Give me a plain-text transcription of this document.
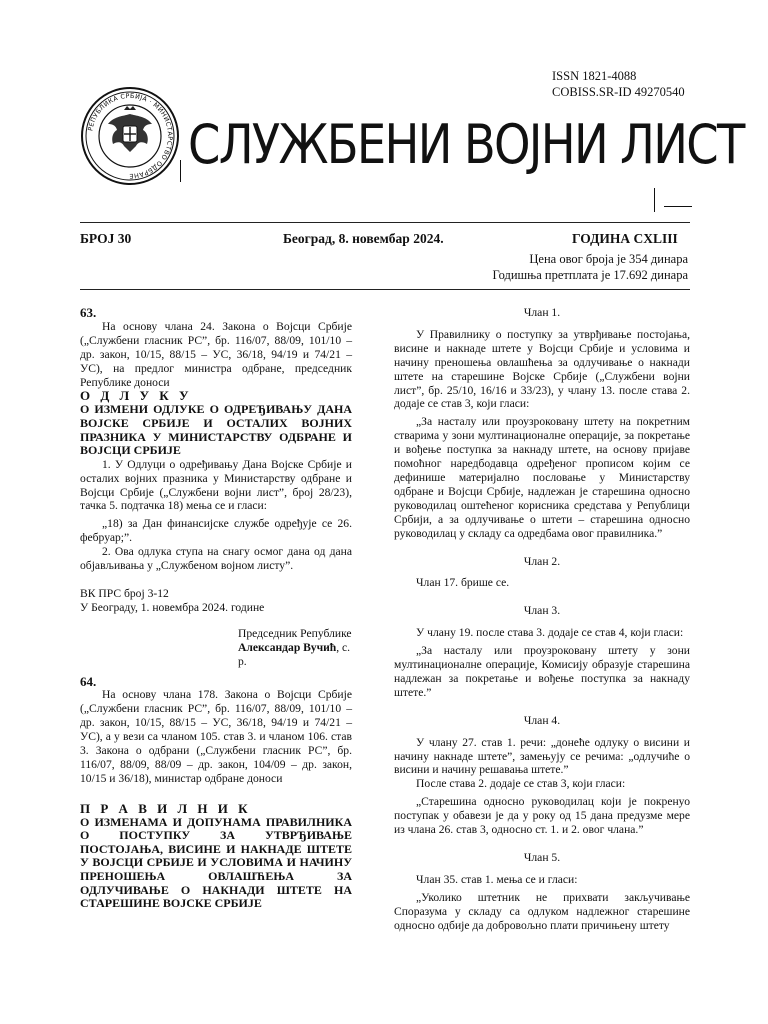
РЕПУБЛИКА СРБИЈА · МИНИСТАРСТВО ОДБРАНЕ
ISSN 1821-4088
COBISS.SR-ID 49270540
СЛУЖБЕНИ ВОЈНИ ЛИСТ
БРОЈ 30	Београд, 8. новембар 2024.	ГОДИНА CXLIII
Цена овог броја је 354 динара
Годишња претплата је 17.692 динара

63.

На основу члана 24. Закона о Војсци Србије („Службени гласник РС”, бр. 116/07, 88/09, 101/10 – др. закон, 10/15, 88/15 – УС, 36/18, 94/19 и 74/21 – УС), на предлог министра одбране, председник Републике доноси

О Д Л У К У

О ИЗМЕНИ ОДЛУКЕ О ОДРЕЂИВАЊУ ДАНА ВОЈСКЕ СРБИЈЕ И ОСТАЛИХ ВОЈНИХ ПРАЗНИКА У МИНИСТАРСТВУ ОДБРАНЕ И ВОЈСЦИ СРБИЈЕ

1. У Одлуци о одређивању Дана Војске Србије и осталих војних празника у Министарству одбране и Војсци Србије („Службени војни лист”, број 28/23), тачка 5. подтачка 18) мења се и гласи:

„18) за Дан финансијске службе одређује се 26. фебруар;”.

2. Ова одлука ступа на снагу осмог дана од дана објављивања у „Службеном војном листу”.

ВК ПРС број 3-12

У Београду, 1. новембра 2024. године

Председник Републике

Александар Вучић, с. р.

64.

На основу члана 178. Закона о Војсци Србије („Службени гласник РС”, бр. 116/07, 88/09, 101/10 – др. закон, 10/15, 88/15 – УС, 36/18, 94/19 и 74/21 – УС), а у вези са чланом 105. став 3. и чланом 106. став 3. Закона о одбрани („Службени гласник РС”, бр. 116/07, 88/09, 88/09 – др. закон, 104/09 – др. закон, 10/15 и 36/18), министар одбране доноси

П Р А В И Л Н И К

О ИЗМЕНАМА И ДОПУНАМА ПРАВИЛНИКА О ПОСТУПКУ ЗА УТВРЂИВАЊЕ ПОСТОЈАЊА, ВИСИНЕ И НАКНАДЕ ШТЕТЕ У ВОЈСЦИ СРБИЈЕ И УСЛОВИМА И НАЧИНУ ПРЕНОШЕЊА ОВЛАШЋЕЊА ЗА ОДЛУЧИВАЊЕ О НАКНАДИ ШТЕТЕ НА СТАРЕШИНЕ ВОЈСКЕ СРБИЈЕ

Члан 1.

У Правилнику о поступку за утврђивање постојања, висине и накнаде штете у Војсци Србије и условима и начину преношења овлашћења за одлучивање о накнади штете на старешине Војске Србије („Службени војни лист”, бр. 25/10, 16/16 и 33/23), у члану 13. после става 2. додаје се став 3, који гласи:

„За насталу или проузроковану штету на покретним стварима у зони мултинационалне операције, за покретање и вођење поступка за накнаду штете, на основу пријаве помоћног наредбодавца одређеног прописом којим се дефинише материјално пословање у Министарству одбране и Војсци Србије, надлежан је старешина односно руководилац оштећеног корисника средстава у Републици Србији, а за одлучивање о штети – старешина односно руководилац у складу са одредбама овог правилника.”

Члан 2.

Члан 17. брише се.

Члан 3.

У члану 19. после става 3. додаје се став 4, који гласи:

„За насталу или проузроковану штету у зони мултинационалне операције, Комисију образује старешина надлежан за покретање и вођење поступка за накнаду штете.”

Члан 4.

У члану 27. став 1. речи: „донеће одлуку о висини и начину накнаде штете”, замењују се речима: „одлучиће о висини и начину решавања штете.”

После става 2. додаје се став 3, који гласи:

„Старешина односно руководилац који је покренуо поступак у обавези је да у року од 15 дана предузме мере из члана 26. став 3, односно ст. 1. и 2. овог члана.”

Члан 5.

Члан 35. став 1. мења се и гласи:

„Уколико штетник не прихвати закључивање Споразума у складу са одлуком надлежног старешине односно одбије да добровољно плати причињену штету
